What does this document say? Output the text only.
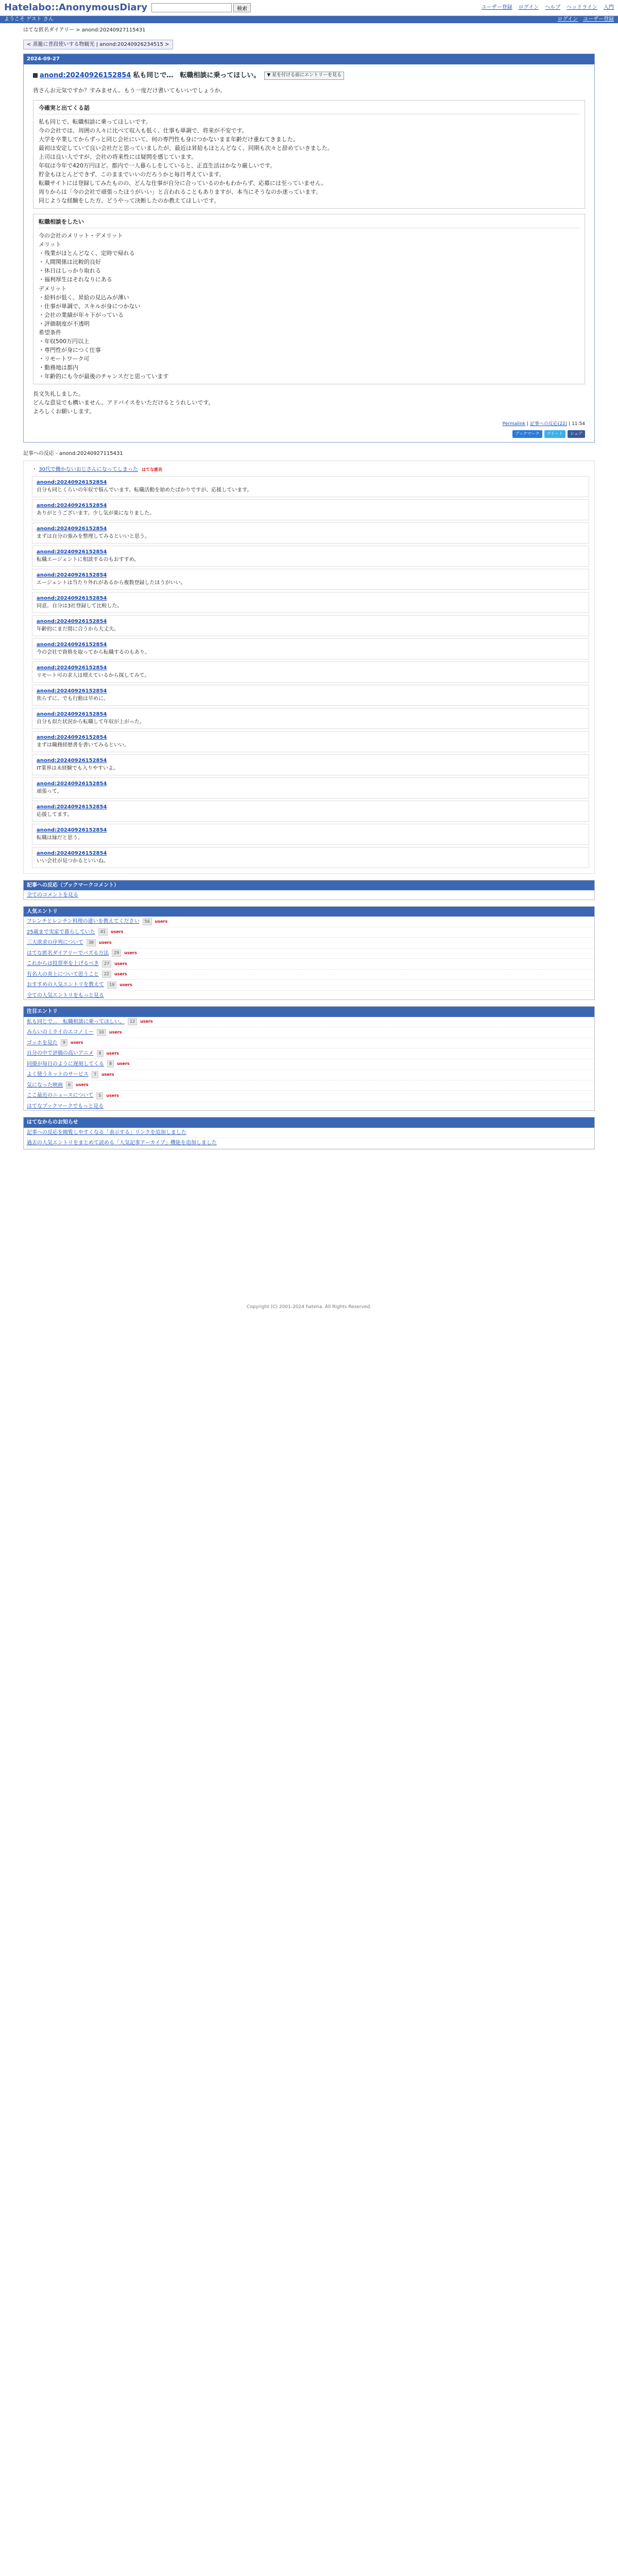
Hatelabo::AnonymousDiary	検索	ユーザー登録 ログイン ヘルプ ヘッドライン 入門
ようこそ ゲスト さん	ログイン ユーザー登録
はてな匿名ダイアリー > anond:20240927115431
< 蒸籠に普段使いする物観光 | anond:20240926234515 >
2024-09-27
anond:20240926152854 私も同じで…　転職相談に乗ってほしい。	▼ 星を付ける前にエントリーを見る

皆さんお元気ですか？すみません。もう一度だけ書いてもいいでしょうか。

今確実と出てくる話

私も同じで、転職相談に乗ってほしいです。

今の会社では、周囲の人々に比べて収入も低く、仕事も単調で、将来が不安です。

大学を卒業してからずっと同じ会社にいて、何の専門性も身につかないまま年齢だけ重ねてきました。

最初は安定していて良い会社だと思っていましたが、最近は昇給もほとんどなく、同期も次々と辞めていきました。

上司は良い人ですが、会社の将来性には疑問を感じています。

年収は今年で420万円ほど。都内で一人暮らしをしていると、正直生活はかなり厳しいです。

貯金もほとんどできず、このままでいいのだろうかと毎日考えています。

転職サイトには登録してみたものの、どんな仕事が自分に合っているのかもわからず、応募には至っていません。

周りからは「今の会社で頑張ったほうがいい」と言われることもありますが、本当にそうなのか迷っています。

同じような経験をした方、どうやって決断したのか教えてほしいです。

転職相談をしたい

今の会社のメリット・デメリット

メリット

・残業がほとんどなく、定時で帰れる

・人間関係は比較的良好

・休日はしっかり取れる

・福利厚生はそれなりにある

デメリット

・給料が低く、昇給の見込みが薄い

・仕事が単調で、スキルが身につかない

・会社の業績が年々下がっている

・評価制度が不透明

希望条件

・年収500万円以上

・専門性が身につく仕事

・リモートワーク可

・勤務地は都内

・年齢的にも今が最後のチャンスだと思っています

長文失礼しました。

どんな意見でも構いません。アドバイスをいただけるとうれしいです。

よろしくお願いします。

Permalink | 記事への反応(22) | 11:54
ブックマーク	ツイート	シェア
記事への反応 - anond:20240927115431
・ 30代で働かないおじさんになってしまった はてな匿名
anond:20240926152854
自分も同じくらいの年収で悩んでいます。転職活動を始めたばかりですが、応援しています。
anond:20240926152854
ありがとうございます。少し気が楽になりました。
anond:20240926152854
まずは自分の強みを整理してみるといいと思う。
anond:20240926152854
転職エージェントに相談するのもおすすめ。
anond:20240926152854
エージェントは当たり外れがあるから複数登録したほうがいい。
anond:20240926152854
同意。自分は3社登録して比較した。
anond:20240926152854
年齢的にまだ間に合うから大丈夫。
anond:20240926152854
今の会社で資格を取ってから転職するのもあり。
anond:20240926152854
リモート可の求人は増えているから探してみて。
anond:20240926152854
焦らずに、でも行動は早めに。
anond:20240926152854
自分も似た状況から転職して年収が上がった。
anond:20240926152854
まずは職務経歴書を書いてみるといい。
anond:20240926152854
IT業界は未経験でも入りやすいよ。
anond:20240926152854
頑張って。
anond:20240926152854
応援してます。
anond:20240926152854
転職は縁だと思う。
anond:20240926152854
いい会社が見つかるといいね。
記事への反応（ブックマークコメント）
全てのコメントを見る
人気エントリ
フレンチとレンチン料理の違いを教えてください	56	users
25歳まで実家で暮らしていた	41	users
三大欲求の序列について	38	users
はてな匿名ダイアリーでバズる方法	29	users
これからは投票率を上げるべき	27	users
有名人の炎上について思うこと	22	users
おすすめの人気エントリを教えて	19	users
全ての人気エントリをもっと見る
注目エントリ
私も同じで…　転職相談に乗ってほしい。	12	users
みらいのミライのエコノミー	10	users
ゴッホを見た	9	users
自分の中で評価の高いアニメ	8	users
同僚が毎日のように遅刻してくる	8	users
よく使うネットのサービス	7	users
気になった映画	6	users
ここ最近のニュースについて	5	users
はてなブックマークでもっと見る
はてなからのお知らせ
記事への反応を閲覧しやすくなる「表示する」リンクを追加しました
過去の人気エントリをまとめて読める「人気記事アーカイブ」機能を追加しました
Copyright (C) 2001-2024 hatena. All Rights Reserved.
